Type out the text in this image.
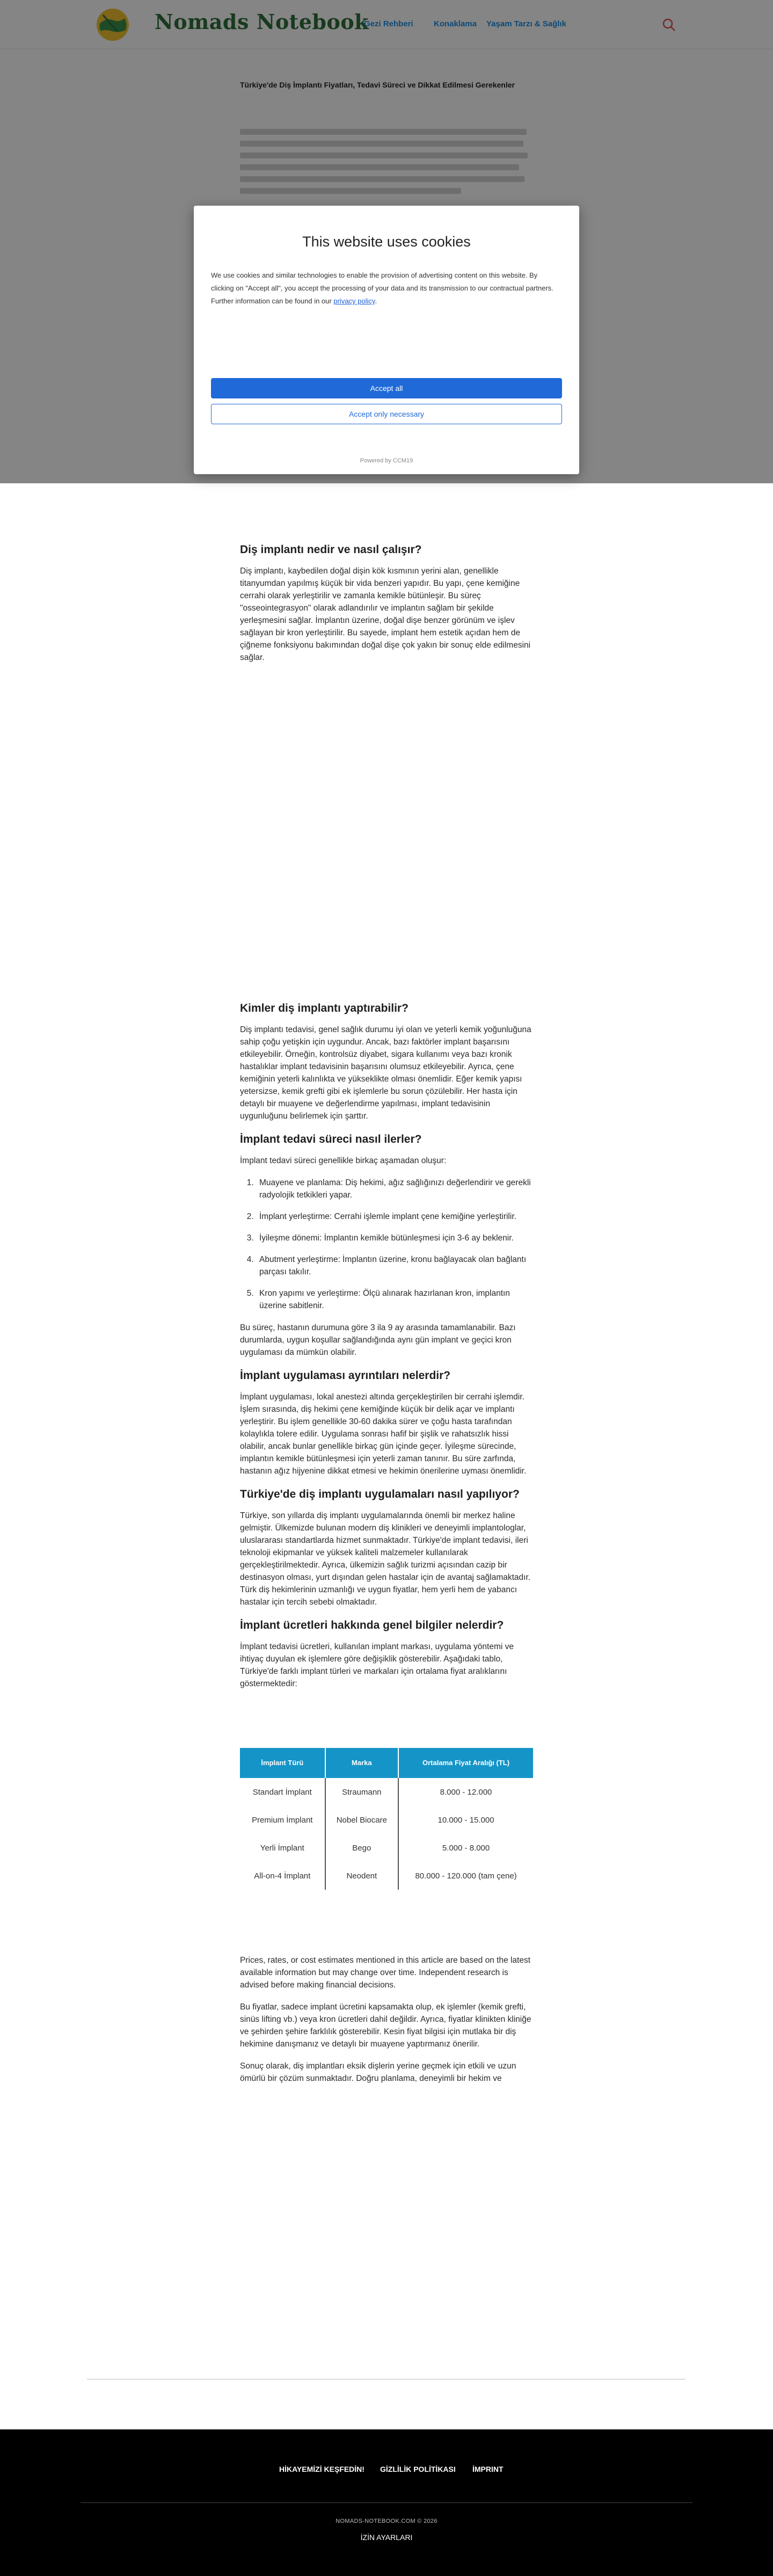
Nomads Notebook
Gezi Rehberi	Konaklama Yaşam Tarzı & Sağlık
Türkiye'de Diş İmplantı Fiyatları, Tedavi Süreci ve Dikkat Edilmesi Gerekenler
Diş implantı nedir ve nasıl çalışır?

Diş implantı, kaybedilen doğal dişin kök kısmının yerini alan, genellikle titanyumdan yapılmış küçük bir vida benzeri yapıdır. Bu yapı, çene kemiğine cerrahi olarak yerleştirilir ve zamanla kemikle bütünleşir. Bu süreç "osseointegrasyon" olarak adlandırılır ve implantın sağlam bir şekilde yerleşmesini sağlar. İmplantın üzerine, doğal dişe benzer görünüm ve işlev sağlayan bir kron yerleştirilir. Bu sayede, implant hem estetik açıdan hem de çiğneme fonksiyonu bakımından doğal dişe çok yakın bir sonuç elde edilmesini sağlar.

Kimler diş implantı yaptırabilir?

Diş implantı tedavisi, genel sağlık durumu iyi olan ve yeterli kemik yoğunluğuna sahip çoğu yetişkin için uygundur. Ancak, bazı faktörler implant başarısını etkileyebilir. Örneğin, kontrolsüz diyabet, sigara kullanımı veya bazı kronik hastalıklar implant tedavisinin başarısını olumsuz etkileyebilir. Ayrıca, çene kemiğinin yeterli kalınlıkta ve yükseklikte olması önemlidir. Eğer kemik yapısı yetersizse, kemik grefti gibi ek işlemlerle bu sorun çözülebilir. Her hasta için detaylı bir muayene ve değerlendirme yapılması, implant tedavisinin uygunluğunu belirlemek için şarttır.

İmplant tedavi süreci nasıl ilerler?

İmplant tedavi süreci genellikle birkaç aşamadan oluşur:

1. Muayene ve planlama: Diş hekimi, ağız sağlığınızı değerlendirir ve gerekli radyolojik tetkikleri yapar.
2. İmplant yerleştirme: Cerrahi işlemle implant çene kemiğine yerleştirilir.
3. İyileşme dönemi: İmplantın kemikle bütünleşmesi için 3-6 ay beklenir.
4. Abutment yerleştirme: İmplantın üzerine, kronu bağlayacak olan bağlantı parçası takılır.
5. Kron yapımı ve yerleştirme: Ölçü alınarak hazırlanan kron, implantın üzerine sabitlenir.

Bu süreç, hastanın durumuna göre 3 ila 9 ay arasında tamamlanabilir. Bazı durumlarda, uygun koşullar sağlandığında aynı gün implant ve geçici kron uygulaması da mümkün olabilir.

İmplant uygulaması ayrıntıları nelerdir?

İmplant uygulaması, lokal anestezi altında gerçekleştirilen bir cerrahi işlemdir. İşlem sırasında, diş hekimi çene kemiğinde küçük bir delik açar ve implantı yerleştirir. Bu işlem genellikle 30-60 dakika sürer ve çoğu hasta tarafından kolaylıkla tolere edilir. Uygulama sonrası hafif bir şişlik ve rahatsızlık hissi olabilir, ancak bunlar genellikle birkaç gün içinde geçer. İyileşme sürecinde, implantın kemikle bütünleşmesi için yeterli zaman tanınır. Bu süre zarfında, hastanın ağız hijyenine dikkat etmesi ve hekimin önerilerine uyması önemlidir.

Türkiye'de diş implantı uygulamaları nasıl yapılıyor?

Türkiye, son yıllarda diş implantı uygulamalarında önemli bir merkez haline gelmiştir. Ülkemizde bulunan modern diş klinikleri ve deneyimli implantologlar, uluslararası standartlarda hizmet sunmaktadır. Türkiye'de implant tedavisi, ileri teknoloji ekipmanlar ve yüksek kaliteli malzemeler kullanılarak gerçekleştirilmektedir. Ayrıca, ülkemizin sağlık turizmi açısından cazip bir destinasyon olması, yurt dışından gelen hastalar için de avantaj sağlamaktadır. Türk diş hekimlerinin uzmanlığı ve uygun fiyatlar, hem yerli hem de yabancı hastalar için tercih sebebi olmaktadır.

İmplant ücretleri hakkında genel bilgiler nelerdir?

İmplant tedavisi ücretleri, kullanılan implant markası, uygulama yöntemi ve ihtiyaç duyulan ek işlemlere göre değişiklik gösterebilir. Aşağıdaki tablo, Türkiye'de farklı implant türleri ve markaları için ortalama fiyat aralıklarını göstermektedir:

İmplant Türü	Marka	Ortalama Fiyat Aralığı (TL)
Standart İmplant	Straumann	8.000 - 12.000
Premium İmplant	Nobel Biocare	10.000 - 15.000
Yerli İmplant	Bego	5.000 - 8.000
All-on-4 İmplant	Neodent	80.000 - 120.000 (tam çene)

Prices, rates, or cost estimates mentioned in this article are based on the latest available information but may change over time. Independent research is advised before making financial decisions.

Bu fiyatlar, sadece implant ücretini kapsamakta olup, ek işlemler (kemik grefti, sinüs lifting vb.) veya kron ücretleri dahil değildir. Ayrıca, fiyatlar klinikten kliniğe ve şehirden şehire farklılık gösterebilir. Kesin fiyat bilgisi için mutlaka bir diş hekimine danışmanız ve detaylı bir muayene yaptırmanız önerilir.

Sonuç olarak, diş implantları eksik dişlerin yerine geçmek için etkili ve uzun ömürlü bir çözüm sunmaktadır. Doğru planlama, deneyimli bir hekim ve

HİKAYEMİZİ KEŞFEDİN! GİZLİLİK POLİTİKASI İMPRINT
NOMADS-NOTEBOOK.COM © 2026
İZİN AYARLARI
This website uses cookies
We use cookies and similar technologies to enable the provision of advertising content on this website. By clicking on "Accept all", you accept the processing of your data and its transmission to our contractual partners. Further information can be found in our privacy policy.
Accept all
Accept only necessary
Powered by CCM19
